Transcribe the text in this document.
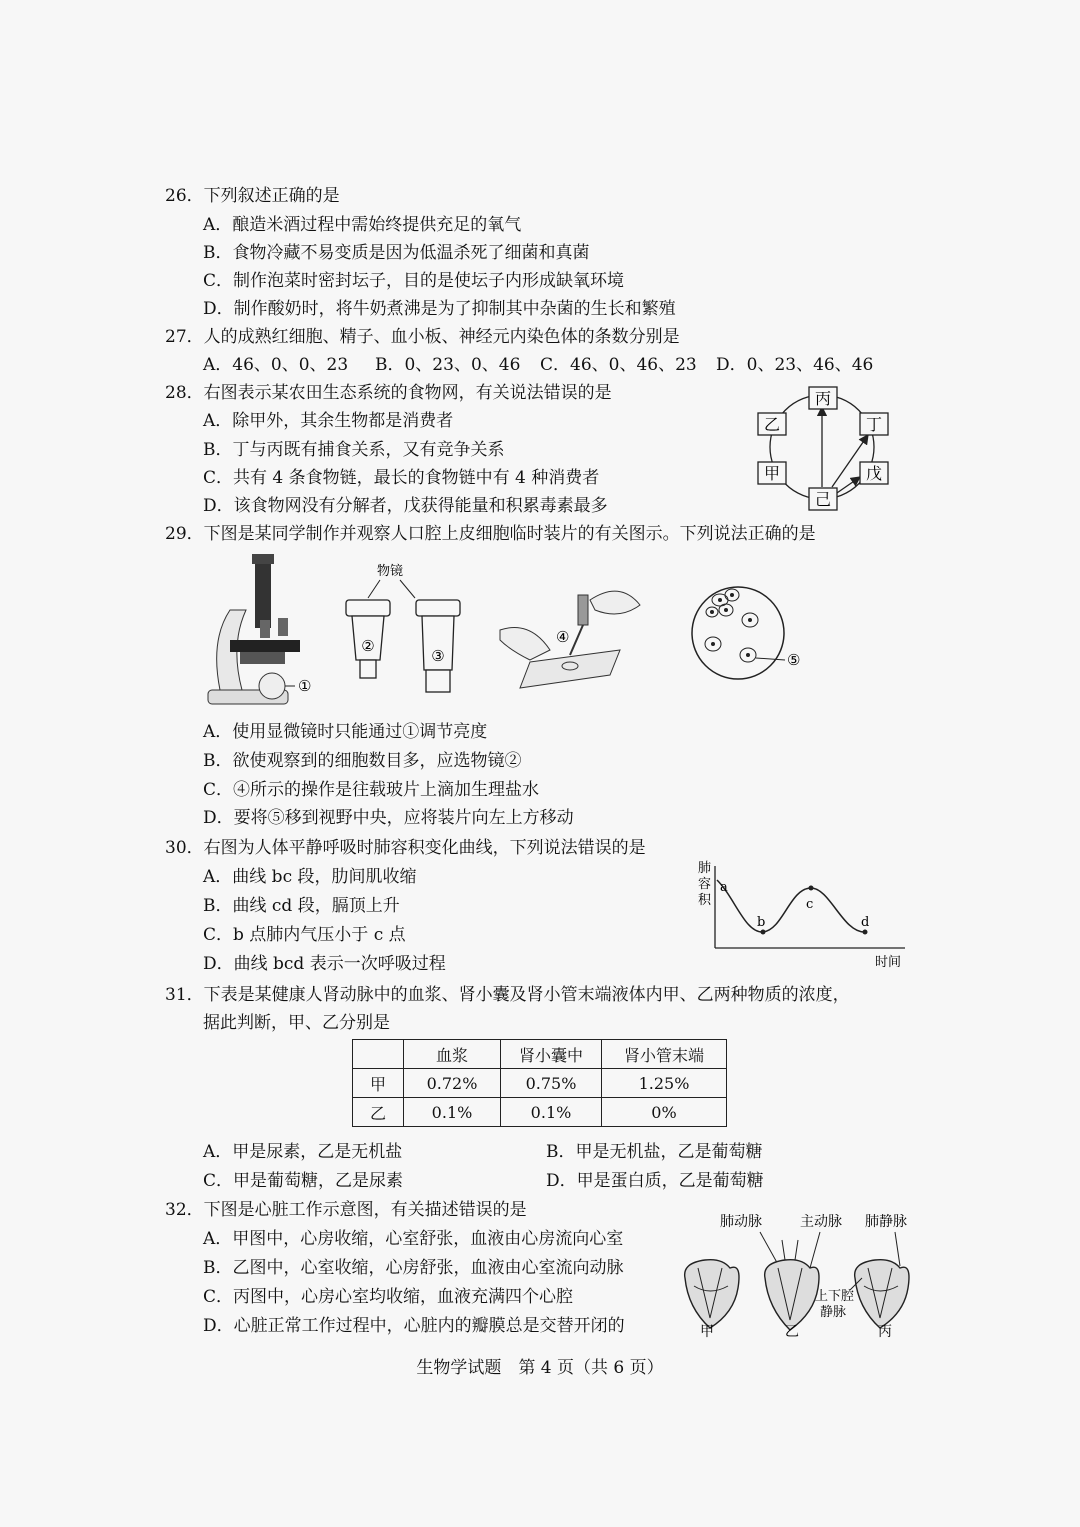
26．下列叙述正确的是
A．酿造米酒过程中需始终提供充足的氧气
B．食物冷藏不易变质是因为低温杀死了细菌和真菌
C．制作泡菜时密封坛子，目的是使坛子内形成缺氧环境
D．制作酸奶时，将牛奶煮沸是为了抑制其中杂菌的生长和繁殖
27．人的成熟红细胞、精子、血小板、神经元内染色体的条数分别是
A．46、0、0、23 B．0、23、0、46 C．46、0、46、23 D．0、23、46、46
28．右图表示某农田生态系统的食物网，有关说法错误的是
A．除甲外，其余生物都是消费者
B．丁与丙既有捕食关系，又有竞争关系
C．共有 4 条食物链，最长的食物链中有 4 种消费者
D．该食物网没有分解者，戊获得能量和积累毒素最多
丙
乙	丁
甲	戊
己
29．下图是某同学制作并观察人口腔上皮细胞临时装片的有关图示。下列说法正确的是
①
物镜
②
③
④
⑤
A．使用显微镜时只能通过①调节亮度
B．欲使观察到的细胞数目多，应选物镜②
C．④所示的操作是往载玻片上滴加生理盐水
D．要将⑤移到视野中央，应将装片向左上方移动
30．右图为人体平静呼吸时肺容积变化曲线，下列说法错误的是
A．曲线 bc 段，肋间肌收缩
B．曲线 cd 段，膈顶上升
C．b 点肺内气压小于 c 点
D．曲线 bcd 表示一次呼吸过程
肺
容
积
a
b
c
d
时间
31．下表是某健康人肾动脉中的血浆、肾小囊及肾小管末端液体内甲、乙两种物质的浓度，
据此判断，甲、乙分别是
	血浆	肾小囊中	肾小管末端
甲	0.72%	0.75%	1.25%
乙	0.1%	0.1%	0%
A．甲是尿素，乙是无机盐	B．甲是无机盐，乙是葡萄糖
C．甲是葡萄糖，乙是尿素	D．甲是蛋白质，乙是葡萄糖
32．下图是心脏工作示意图，有关描述错误的是
A．甲图中，心房收缩，心室舒张，血液由心房流向心室
B．乙图中，心室收缩，心房舒张，血液由心室流向动脉
C．丙图中，心房心室均收缩，血液充满四个心腔
D．心脏正常工作过程中，心脏内的瓣膜总是交替开闭的
肺动脉	主动脉 肺静脉
上下腔
静脉
甲	乙	丙
生物学试题　第 4 页（共 6 页）
